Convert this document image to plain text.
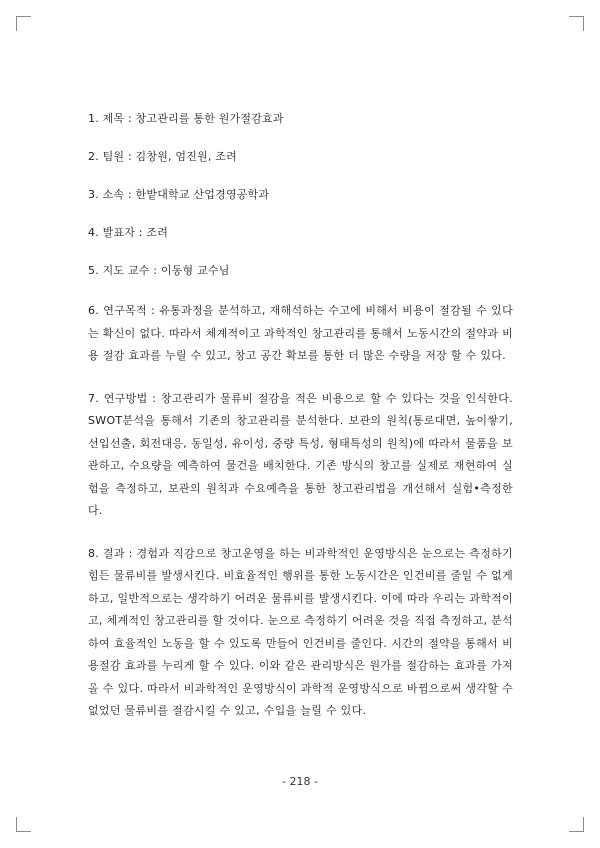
1. 제목 : 창고관리를 통한 원가절감효과

2. 팀원 : 김창원, 엄진원, 조려

3. 소속 : 한밭대학교 산업경영공학과

4. 발표자 : 조려

5. 지도 교수 : 이동형 교수님

6. 연구목적 : 유통과정을 분석하고, 재해석하는 수고에 비해서 비용이 절감될 수 있다는 확신이 없다. 따라서 체계적이고 과학적인 창고관리를 통해서 노동시간의 절약과 비용 절감 효과를 누릴 수 있고, 창고 공간 확보를 통한 더 많은 수량을 저장 할 수 있다.

7. 연구방법 : 창고관리가 물류비 절감을 적은 비용으로 할 수 있다는 것을 인식한다. SWOT분석을 통해서 기존의 창고관리를 분석한다. 보관의 원칙(통로대면, 높이쌓기, 선입선출, 회전대응, 동일성, 유이성, 중량 특성, 형태특성의 원칙)에 따라서 물품을 보관하고, 수요량을 예측하여 물건을 배치한다. 기존 방식의 창고를 실제로 재현하여 실험을 측정하고, 보관의 원칙과 수요예측을 통한 창고관리법을 개선해서 실험•측정한다.

8. 결과 : 경험과 직감으로 창고운영을 하는 비과학적인 운영방식은 눈으로는 측정하기 힘든 물류비를 발생시킨다. 비효율적인 행위를 통한 노동시간은 인건비를 줄일 수 없게 하고, 일반적으로는 생각하기 어려운 물류비를 발생시킨다. 이에 따라 우리는 과학적이고, 체계적인 창고관리를 할 것이다. 눈으로 측정하기 어려운 것을 직접 측정하고, 분석하여 효율적인 노동을 할 수 있도록 만들어 인건비를 줄인다. 시간의 절약을 통해서 비용절감 효과를 누리게 할 수 있다. 이와 같은 관리방식은 원가를 절감하는 효과를 가져 올 수 있다. 따라서 비과학적인 운영방식이 과학적 운영방식으로 바뀜으로써 생각할 수 없었던 물류비를 절감시킬 수 있고, 수입을 늘릴 수 있다.

- 218 -
